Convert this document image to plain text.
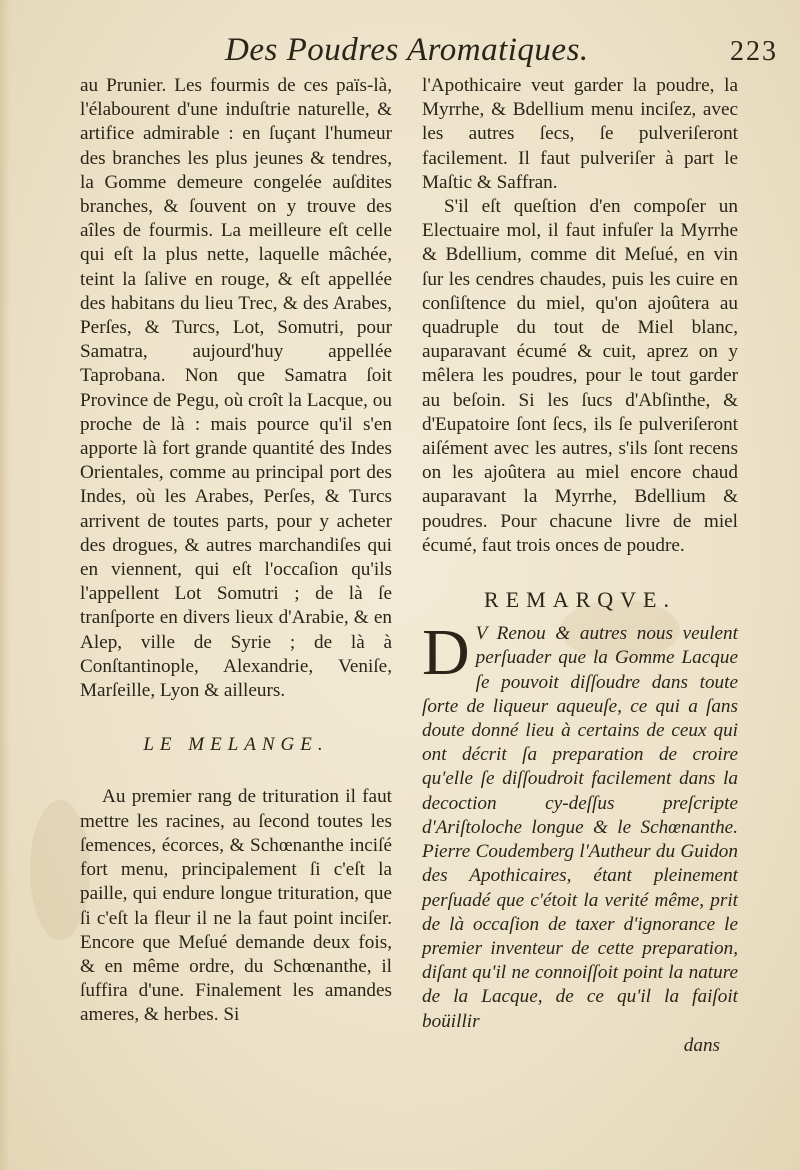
Des Poudres Aromatiques.	223

au Prunier. Les fourmis de ces païs-là, l'élabourent d'une induſtrie naturelle, & artifice admirable : en ſuçant l'humeur des branches les plus jeunes & tendres, la Gomme demeure congelée auſdites branches, & ſouvent on y trouve des aîles de fourmis. La meilleure eſt celle qui eſt la plus nette, laquelle mâchée, teint la ſalive en rouge, & eſt appellée des habitans du lieu Trec, & des Arabes, Perſes, & Turcs, Lot, Somutri, pour Samatra, aujourd'huy appellée Taprobana. Non que Samatra ſoit Province de Pegu, où croît la Lacque, ou proche de là : mais pource qu'il s'en apporte là fort grande quantité des Indes Orientales, comme au principal port des Indes, où les Arabes, Perſes, & Turcs arrivent de toutes parts, pour y acheter des drogues, & autres marchandiſes qui en viennent, qui eſt l'occaſion qu'ils l'appellent Lot Somutri ; de là ſe tranſporte en divers lieux d'Arabie, & en Alep, ville de Syrie ; de là à Conſtantinople, Alexandrie, Veniſe, Marſeille, Lyon & ailleurs.

LE MELANGE.

Au premier rang de trituration il faut mettre les racines, au ſecond toutes les ſemences, écorces, & Schœnanthe inciſé fort menu, principalement ſi c'eſt la paille, qui endure longue trituration, que ſi c'eſt la fleur il ne la faut point inciſer. Encore que Meſué demande deux fois, & en même ordre, du Schœnanthe, il ſuffira d'une. Finalement les amandes ameres, & herbes. Si

l'Apothicaire veut garder la poudre, la Myrrhe, & Bdellium menu inciſez, avec les autres ſecs, ſe pulveriſeront facilement. Il faut pulveriſer à part le Maſtic & Saffran.

S'il eſt queſtion d'en compoſer un Electuaire mol, il faut infuſer la Myrrhe & Bdellium, comme dit Meſué, en vin ſur les cendres chaudes, puis les cuire en conſiſtence du miel, qu'on ajoûtera au quadruple du tout de Miel blanc, auparavant écumé & cuit, aprez on y mêlera les poudres, pour le tout garder au beſoin. Si les ſucs d'Abſinthe, & d'Eupatoire ſont ſecs, ils ſe pulveriſeront aiſément avec les autres, s'ils ſont recens on les ajoûtera au miel encore chaud auparavant la Myrrhe, Bdellium & poudres. Pour chacune livre de miel écumé, faut trois onces de poudre.

REMARQVE.

D V Renou & autres nous veulent perſuader que la Gomme Lacque ſe pouvoit diſſoudre dans toute ſorte de liqueur aqueuſe, ce qui a ſans doute donné lieu à certains de ceux qui ont décrit ſa preparation de croire qu'elle ſe diſſoudroit facilement dans la decoction cy-deſſus preſcripte d'Ariſtoloche longue & le Schœnanthe. Pierre Coudemberg l'Autheur du Guidon des Apothicaires, étant pleinement perſuadé que c'étoit la verité même, prit de là occaſion de taxer d'ignorance le premier inventeur de cette preparation, diſant qu'il ne connoiſſoit point la nature de la Lacque, de ce qu'il la faiſoit boüillir

dans
